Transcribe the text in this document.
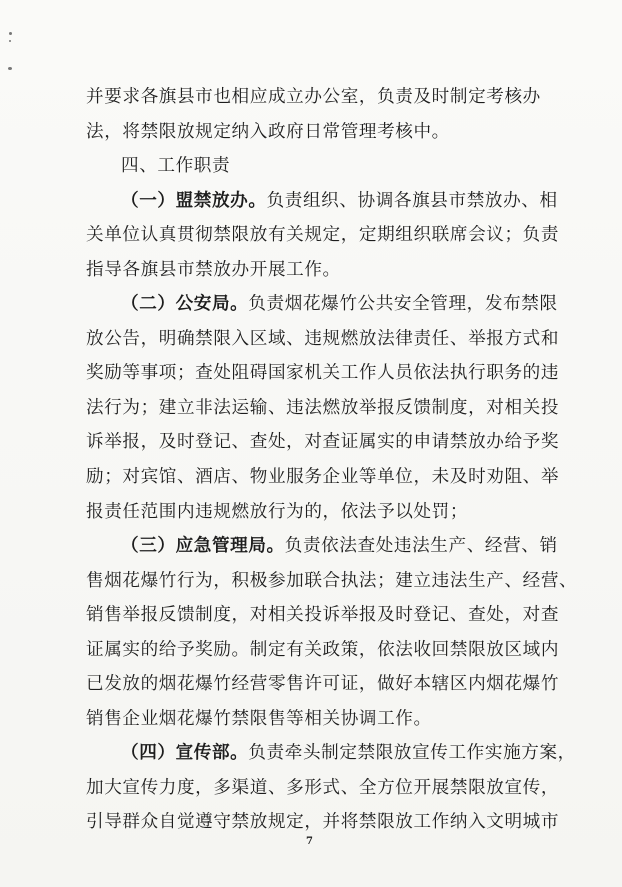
并要求各旗县市也相应成立办公室，负责及时制定考核办
法，将禁限放规定纳入政府日常管理考核中。
四、工作职责
（一）盟禁放办。负责组织、协调各旗县市禁放办、相
关单位认真贯彻禁限放有关规定，定期组织联席会议；负责
指导各旗县市禁放办开展工作。
（二）公安局。负责烟花爆竹公共安全管理，发布禁限
放公告，明确禁限入区域、违规燃放法律责任、举报方式和
奖励等事项；查处阻碍国家机关工作人员依法执行职务的违
法行为；建立非法运输、违法燃放举报反馈制度，对相关投
诉举报，及时登记、查处，对查证属实的申请禁放办给予奖
励；对宾馆、酒店、物业服务企业等单位，未及时劝阻、举
报责任范围内违规燃放行为的，依法予以处罚；
（三）应急管理局。负责依法查处违法生产、经营、销
售烟花爆竹行为，积极参加联合执法；建立违法生产、经营、
销售举报反馈制度，对相关投诉举报及时登记、查处，对查
证属实的给予奖励。制定有关政策，依法收回禁限放区域内
已发放的烟花爆竹经营零售许可证，做好本辖区内烟花爆竹
销售企业烟花爆竹禁限售等相关协调工作。
（四）宣传部。负责牵头制定禁限放宣传工作实施方案，
加大宣传力度，多渠道、多形式、全方位开展禁限放宣传，
引导群众自觉遵守禁放规定，并将禁限放工作纳入文明城市
7
